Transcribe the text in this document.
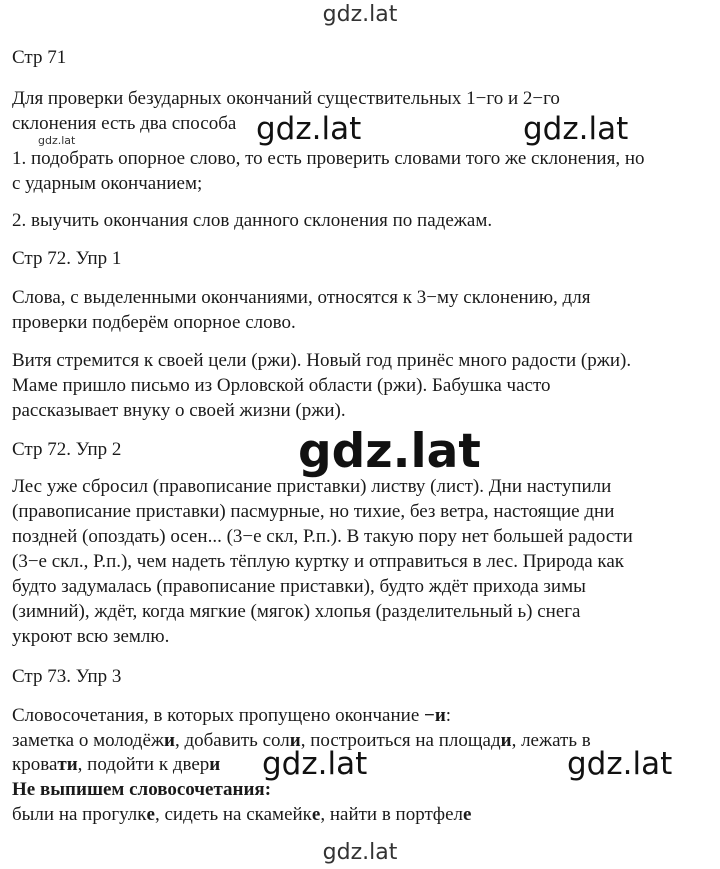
gdz.lat
gdz.lat	gdz.lat	gdz.lat
gdz.lat
gdz.lat	gdz.lat
gdz.lat
Стр 71
Для проверки безударных окончаний существительных 1−го и 2−го
склонения есть два способа
1. подобрать опорное слово, то есть проверить словами того же склонения, но
с ударным окончанием;
2. выучить окончания слов данного склонения по падежам.
Стр 72. Упр 1
Слова, с выделенными окончаниями, относятся к 3−му склонению, для
проверки подберём опорное слово.
Витя стремится к своей цели (ржи). Новый год принёс много радости (ржи).
Маме пришло письмо из Орловской области (ржи). Бабушка часто
рассказывает внуку о своей жизни (ржи).
Стр 72. Упр 2
Лес уже сбросил (правописание приставки) листву (лист). Дни наступили
(правописание приставки) пасмурные, но тихие, без ветра, настоящие дни
поздней (опоздать) осен... (3−е скл, Р.п.). В такую пору нет большей радости
(3−е скл., Р.п.), чем надеть тёплую куртку и отправиться в лес. Природа как
будто задумалась (правописание приставки), будто ждёт прихода зимы
(зимний), ждёт, когда мягкие (мягок) хлопья (разделительный ь) снега
укроют всю землю.
Стр 73. Упр 3
Словосочетания, в которых пропущено окончание −и:
заметка о молодёжи, добавить соли, построиться на площади, лежать в
кровати, подойти к двери
Не выпишем словосочетания:
были на прогулке, сидеть на скамейке, найти в портфеле
